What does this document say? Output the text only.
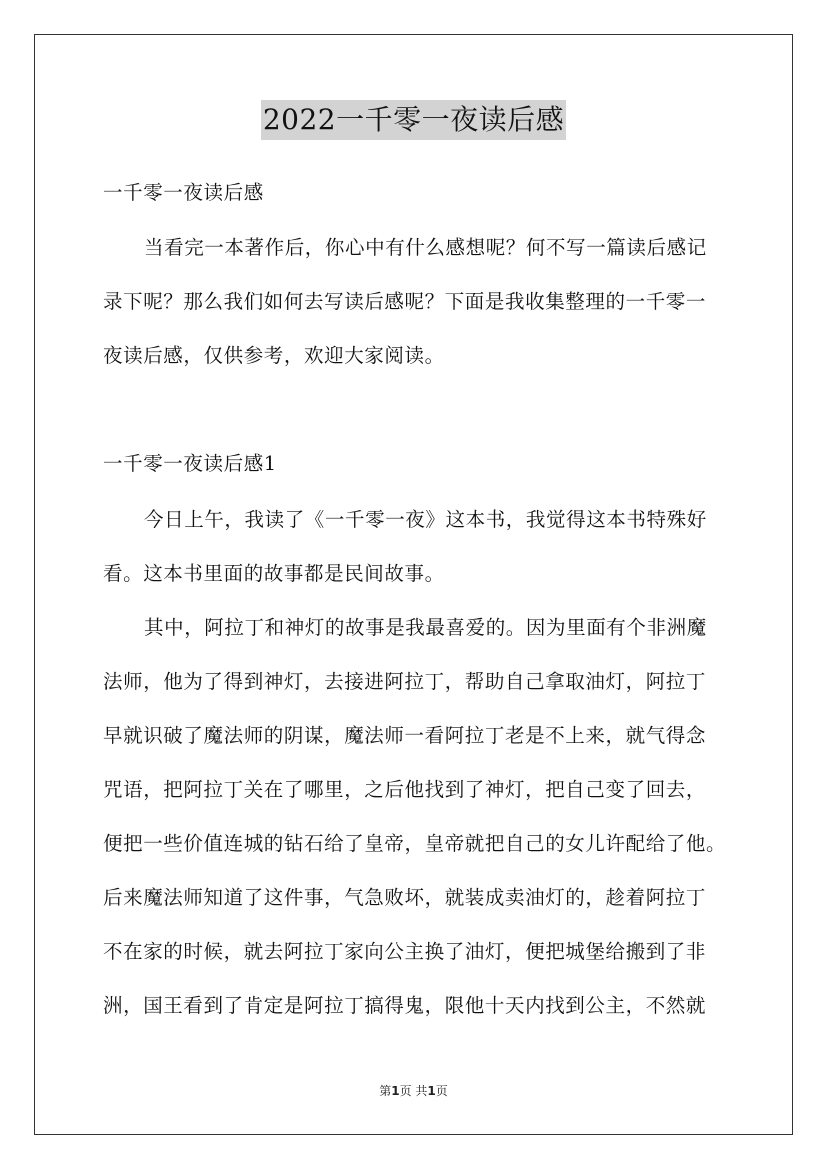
2022一千零一夜读后感
一千零一夜读后感
当看完一本著作后，你心中有什么感想呢？何不写一篇读后感记
录下呢？那么我们如何去写读后感呢？下面是我收集整理的一千零一
夜读后感，仅供参考，欢迎大家阅读。
一千零一夜读后感1
今日上午，我读了《一千零一夜》这本书，我觉得这本书特殊好
看。这本书里面的故事都是民间故事。
其中，阿拉丁和神灯的故事是我最喜爱的。因为里面有个非洲魔
法师，他为了得到神灯，去接进阿拉丁，帮助自己拿取油灯，阿拉丁
早就识破了魔法师的阴谋，魔法师一看阿拉丁老是不上来，就气得念
咒语，把阿拉丁关在了哪里，之后他找到了神灯，把自己变了回去，
便把一些价值连城的钻石给了皇帝，皇帝就把自己的女儿许配给了他。
后来魔法师知道了这件事，气急败坏，就装成卖油灯的，趁着阿拉丁
不在家的时候，就去阿拉丁家向公主换了油灯，便把城堡给搬到了非
洲，国王看到了肯定是阿拉丁搞得鬼，限他十天内找到公主，不然就
第1页 共1页
